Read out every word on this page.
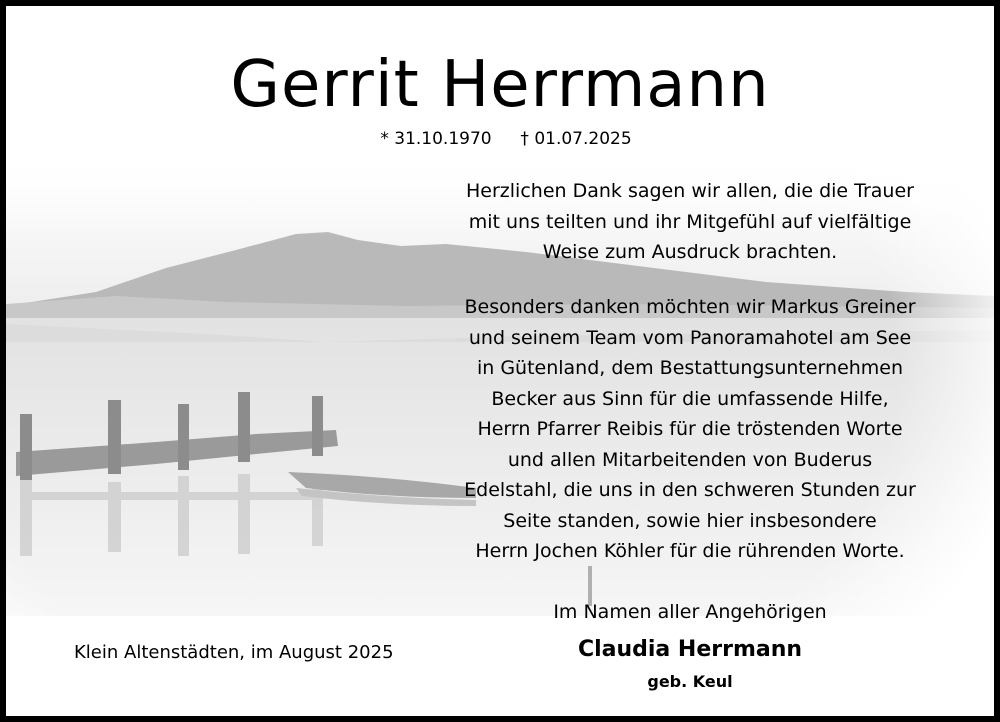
Gerrit Herrmann
* 31.10.1970 † 01.07.2025
Herzlichen Dank sagen wir allen, die die Trauer
mit uns teilten und ihr Mitgefühl auf vielfältige
Weise zum Ausdruck brachten.
Besonders danken möchten wir Markus Greiner
und seinem Team vom Panoramahotel am See
in Gütenland, dem Bestattungsunternehmen
Becker aus Sinn für die umfassende Hilfe,
Herrn Pfarrer Reibis für die tröstenden Worte
und allen Mitarbeitenden von Buderus
Edelstahl, die uns in den schweren Stunden zur
Seite standen, sowie hier insbesondere
Herrn Jochen Köhler für die rührenden Worte.
Im Namen aller Angehörigen
Klein Altenstädten, im August 2025	Claudia Herrmann
geb. Keul
